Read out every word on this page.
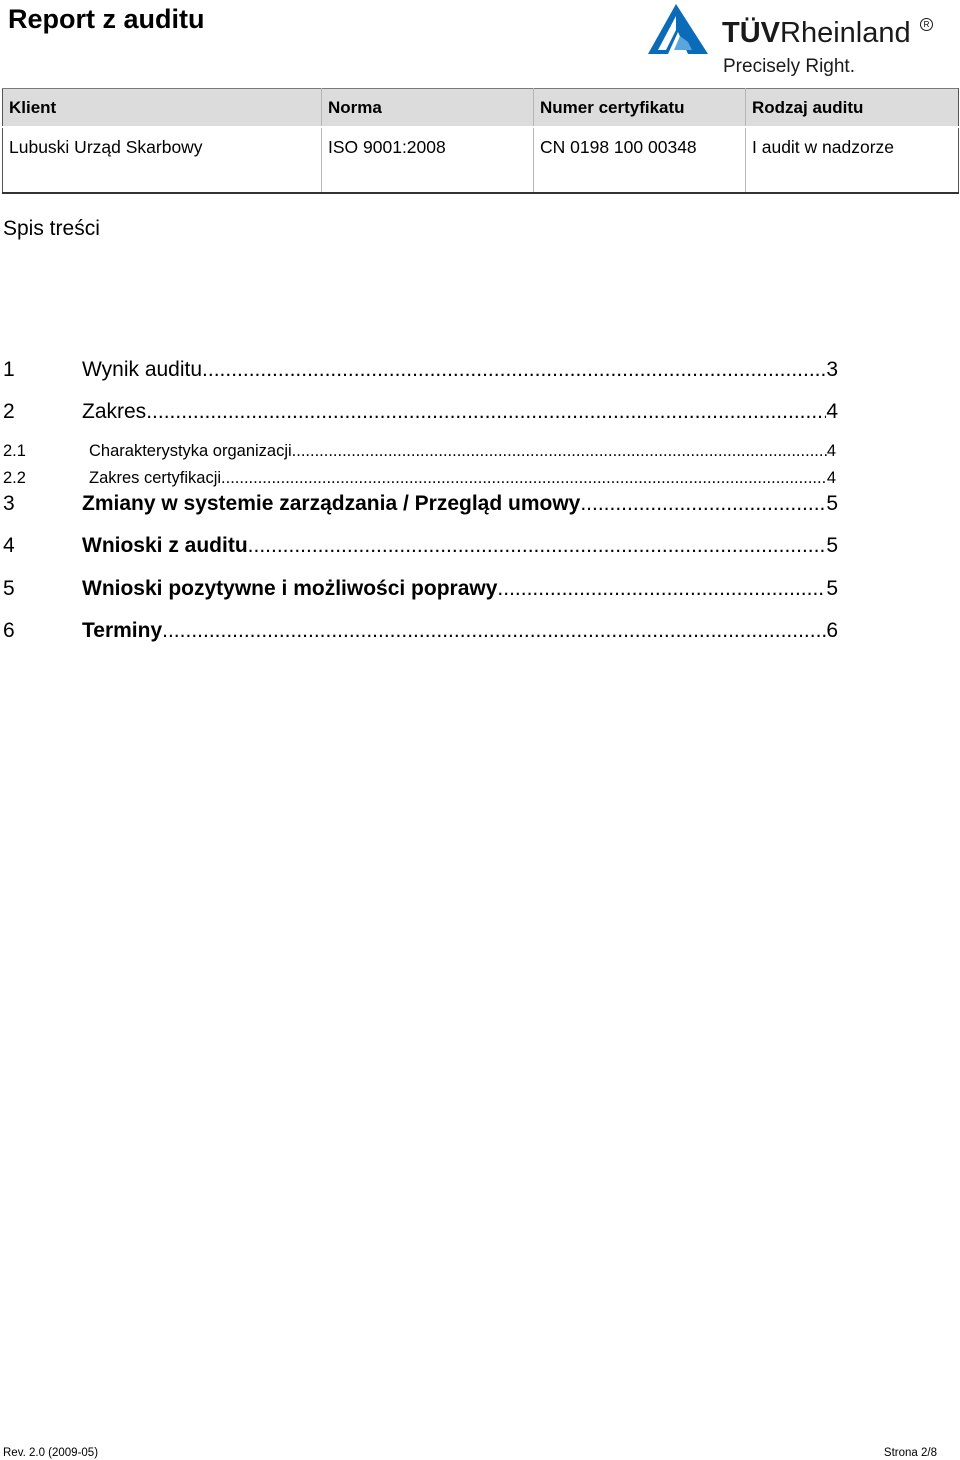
Report z auditu	TÜVRheinland	R
Precisely Right.
Klient	Norma	Numer certyfikatu	Rodzaj auditu
Lubuski Urząd Skarbowy	ISO 9001:2008	CN 0198 100 00348	I audit w nadzorze
Spis treści
1	Wynik auditu .....	3
2	Zakres .....	4
2.1	Charakterystyka organizacji .....	4
2.2	Zakres certyfikacji .....	4
3	Zmiany w systemie zarządzania / Przegląd umowy .....	5
4	Wnioski z auditu .....	5
5	Wnioski pozytywne i możliwości poprawy .....	5
6	Terminy .....	6
Rev. 2.0 (2009-05)	Strona 2/8
